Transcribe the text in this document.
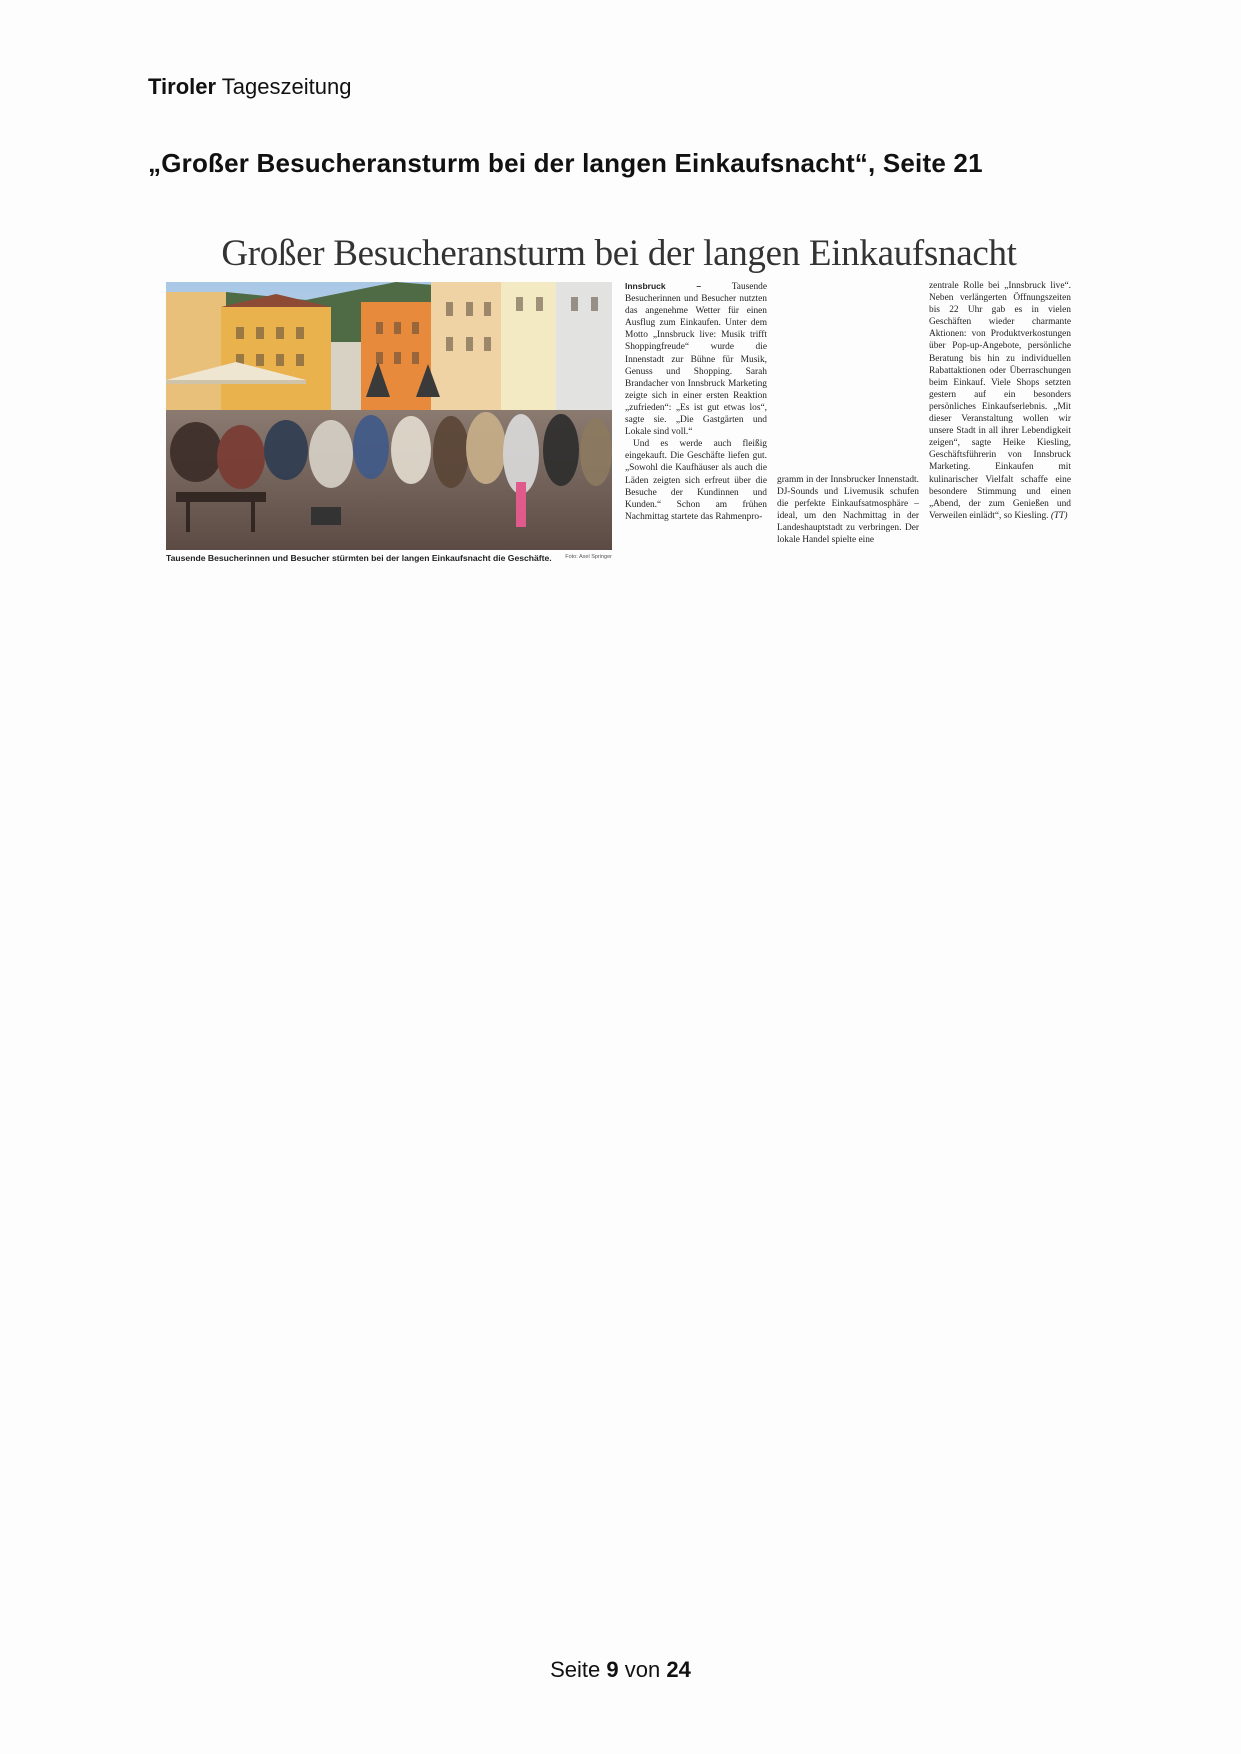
Tiroler Tageszeitung
„Großer Besucheransturm bei der langen Einkaufsnacht“, Seite 21
Großer Besucheransturm bei der langen Einkaufsnacht
Tausende Besucherinnen und Besucher stürmten bei der langen Einkaufsnacht die Geschäfte. Foto: Axel Springer

Innsbruck –	Tausende Besucherinnen und Besucher nutzten das angenehme Wetter für einen Ausflug zum Einkaufen. Unter dem Motto „Innsbruck live: Musik trifft Shoppingfreude“ wurde die Innenstadt zur Bühne für Musik, Genuss und Shopping. Sarah Brandacher von Innsbruck Marketing zeigte sich in einer ersten Reaktion „zufrieden“: „Es ist gut etwas los“, sagte sie. „Die Gastgärten und Lokale sind voll.“

Und es werde auch fleißig eingekauft. Die Geschäfte liefen gut. „Sowohl die Kaufhäuser als auch die Läden zeigten sich erfreut über die Besuche der Kundinnen und Kunden.“ Schon am frühen Nachmittag startete das Rahmenpro-

gramm in der Innsbrucker Innenstadt. DJ-Sounds und Livemusik schufen die perfekte Einkaufsatmosphäre – ideal, um den Nachmittag in der Landeshauptstadt zu verbringen. Der lokale Handel spielte eine

zentrale Rolle bei „Innsbruck live“. Neben verlängerten Öffnungszeiten bis 22 Uhr gab es in vielen Geschäften wieder charmante Aktionen: von Produktverkostungen über Pop-up-Angebote, persönliche Beratung bis hin zu individuellen Rabattaktionen oder Überraschungen beim Einkauf. Viele Shops setzten gestern auf ein besonders persönliches Einkaufserlebnis. „Mit dieser Veranstaltung wollen wir unsere Stadt in all ihrer Lebendigkeit zeigen“, sagte Heike Kiesling, Geschäftsführerin von Innsbruck Marketing. Einkaufen mit kulinarischer Vielfalt schaffe eine besondere Stimmung und einen „Abend, der zum Genießen und Verweilen einlädt“, so Kiesling. (TT)

Seite 9 von 24
